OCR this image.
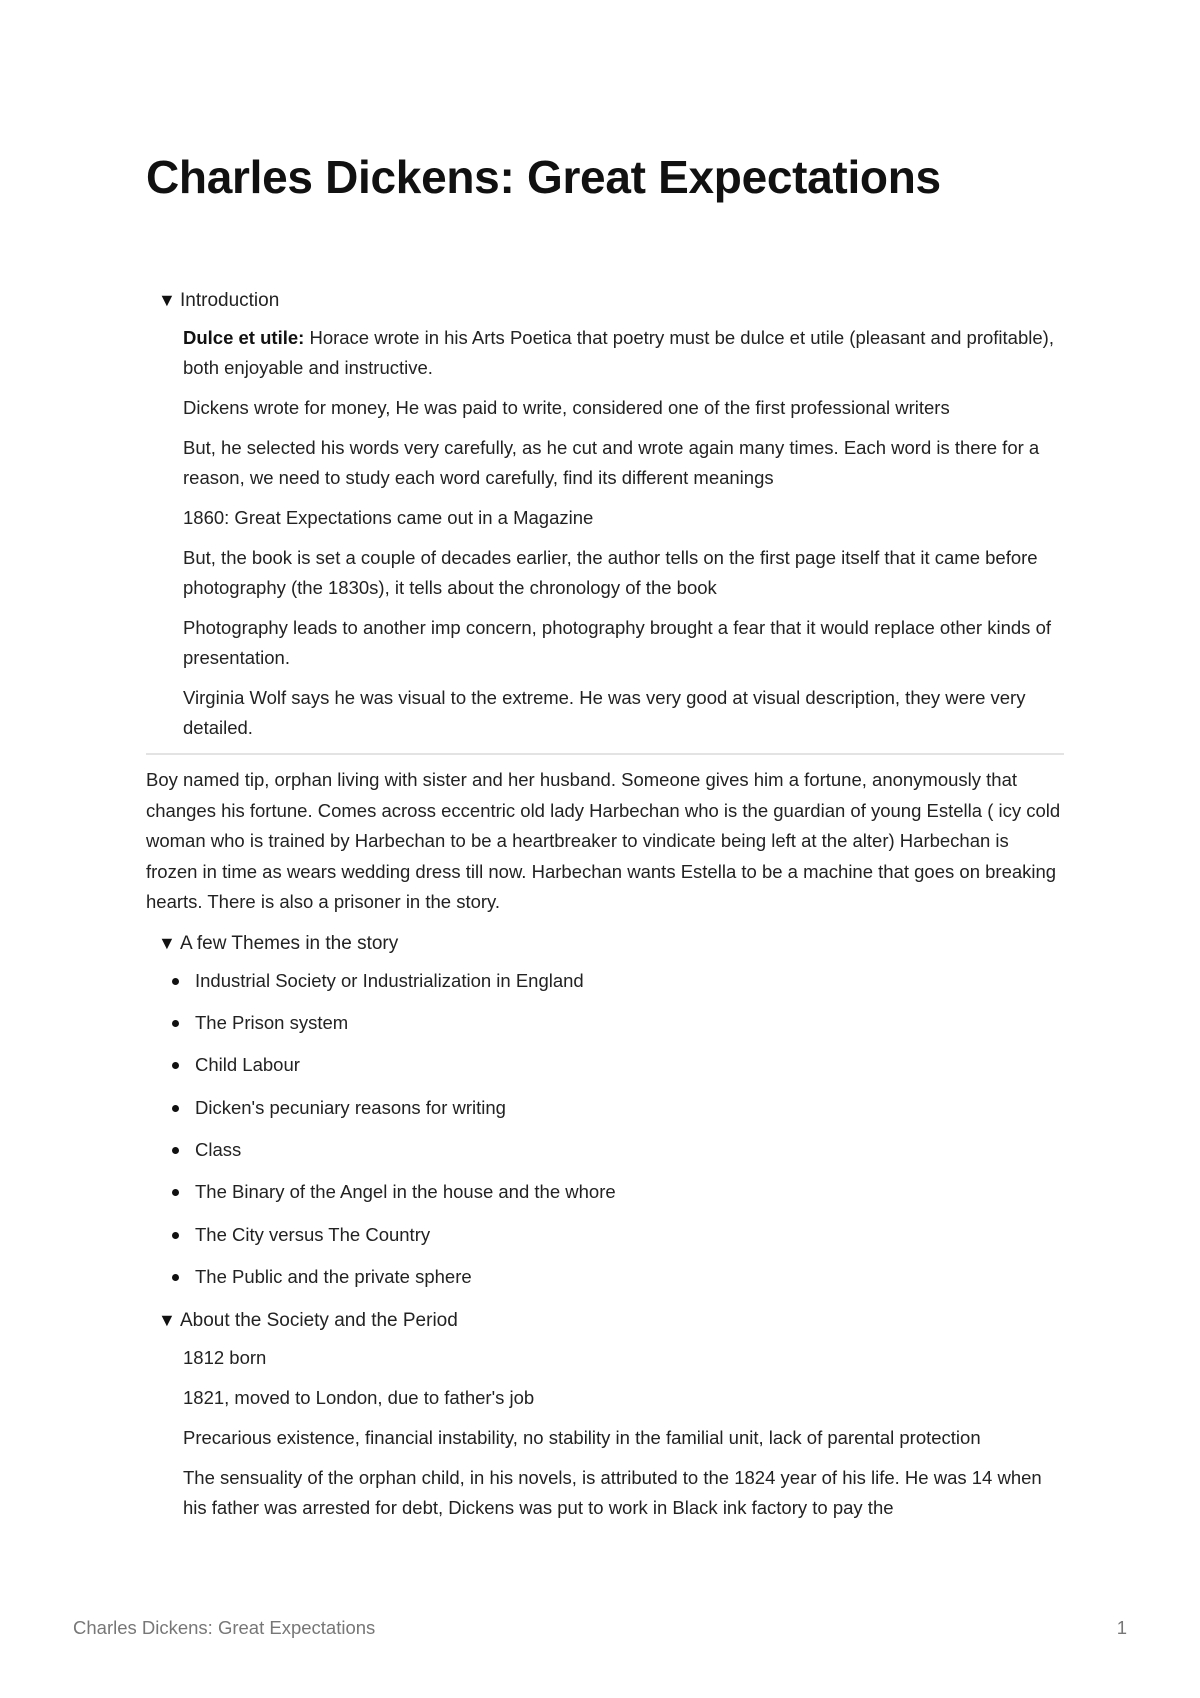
Charles Dickens: Great Expectations
▼ Introduction

Dulce et utile: Horace wrote in his Arts Poetica that poetry must be dulce et utile (pleasant and profitable), both enjoyable and instructive.

Dickens wrote for money, He was paid to write, considered one of the first professional writers

But, he selected his words very carefully, as he cut and wrote again many times. Each word is there for a reason, we need to study each word carefully, find its different meanings

1860: Great Expectations came out in a Magazine

But, the book is set a couple of decades earlier, the author tells on the first page itself that it came before photography (the 1830s), it tells about the chronology of the book

Photography leads to another imp concern, photography brought a fear that it would replace other kinds of presentation.

Virginia Wolf says he was visual to the extreme. He was very good at visual description, they were very detailed.

Boy named tip, orphan living with sister and her husband. Someone gives him a fortune, anonymously that changes his fortune. Comes across eccentric old lady Harbechan who is the guardian of young Estella ( icy cold woman who is trained by Harbechan to be a heartbreaker to vindicate being left at the alter) Harbechan is frozen in time as wears wedding dress till now. Harbechan wants Estella to be a machine that goes on breaking hearts. There is also a prisoner in the story.

▼ A few Themes in the story
Industrial Society or Industrialization in England
The Prison system
Child Labour
Dicken's pecuniary reasons for writing
Class
The Binary of the Angel in the house and the whore
The City versus The Country
The Public and the private sphere
▼ About the Society and the Period

1812 born

1821, moved to London, due to father's job

Precarious existence, financial instability, no stability in the familial unit, lack of parental protection

The sensuality of the orphan child, in his novels, is attributed to the 1824 year of his life. He was 14 when his father was arrested for debt, Dickens was put to work in Black ink factory to pay the

Charles Dickens: Great Expectations	1
